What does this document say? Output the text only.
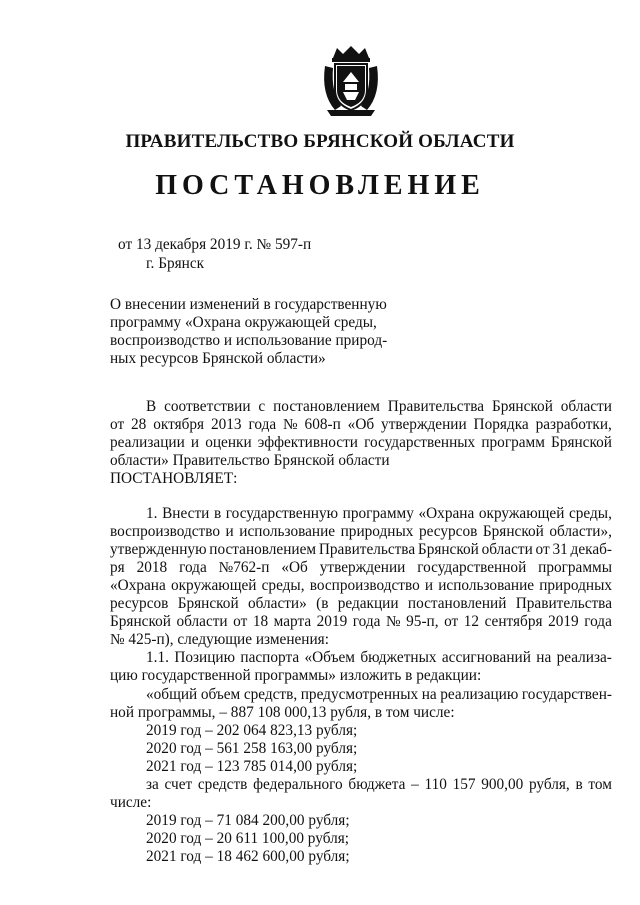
ПРАВИТЕЛЬСТВО БРЯНСКОЙ ОБЛАСТИ
ПОСТАНОВЛЕНИЕ
от 13 декабря 2019 г. № 597-п
г. Брянск
О внесении изменений в государственную
программу «Охрана окружающей среды,
воспроизводство и использование природ-
ных ресурсов Брянской области»
В соответствии с постановлением Правительства Брянской области
от 28 октября 2013 года № 608-п «Об утверждении Порядка разработки,
реализации и оценки эффективности государственных программ Брянской
области» Правительство Брянской области
ПОСТАНОВЛЯЕТ:
1. Внести в государственную программу «Охрана окружающей среды,
воспроизводство и использование природных ресурсов Брянской области»,
утвержденную постановлением Правительства Брянской области от 31 декаб-
ря 2018 года №762-п «Об утверждении государственной программы
«Охрана окружающей среды, воспроизводство и использование природных
ресурсов Брянской области» (в редакции постановлений Правительства
Брянской области от 18 марта 2019 года № 95-п, от 12 сентября 2019 года
№ 425-п), следующие изменения:
1.1. Позицию паспорта «Объем бюджетных ассигнований на реализа-
цию государственной программы» изложить в редакции:
«общий объем средств, предусмотренных на реализацию государствен-
ной программы, – 887 108 000,13 рубля, в том числе:
2019 год – 202 064 823,13 рубля;
2020 год – 561 258 163,00 рубля;
2021 год – 123 785 014,00 рубля;
за счет средств федерального бюджета – 110 157 900,00 рубля, в том
числе:
2019 год – 71 084 200,00 рубля;
2020 год – 20 611 100,00 рубля;
2021 год – 18 462 600,00 рубля;
